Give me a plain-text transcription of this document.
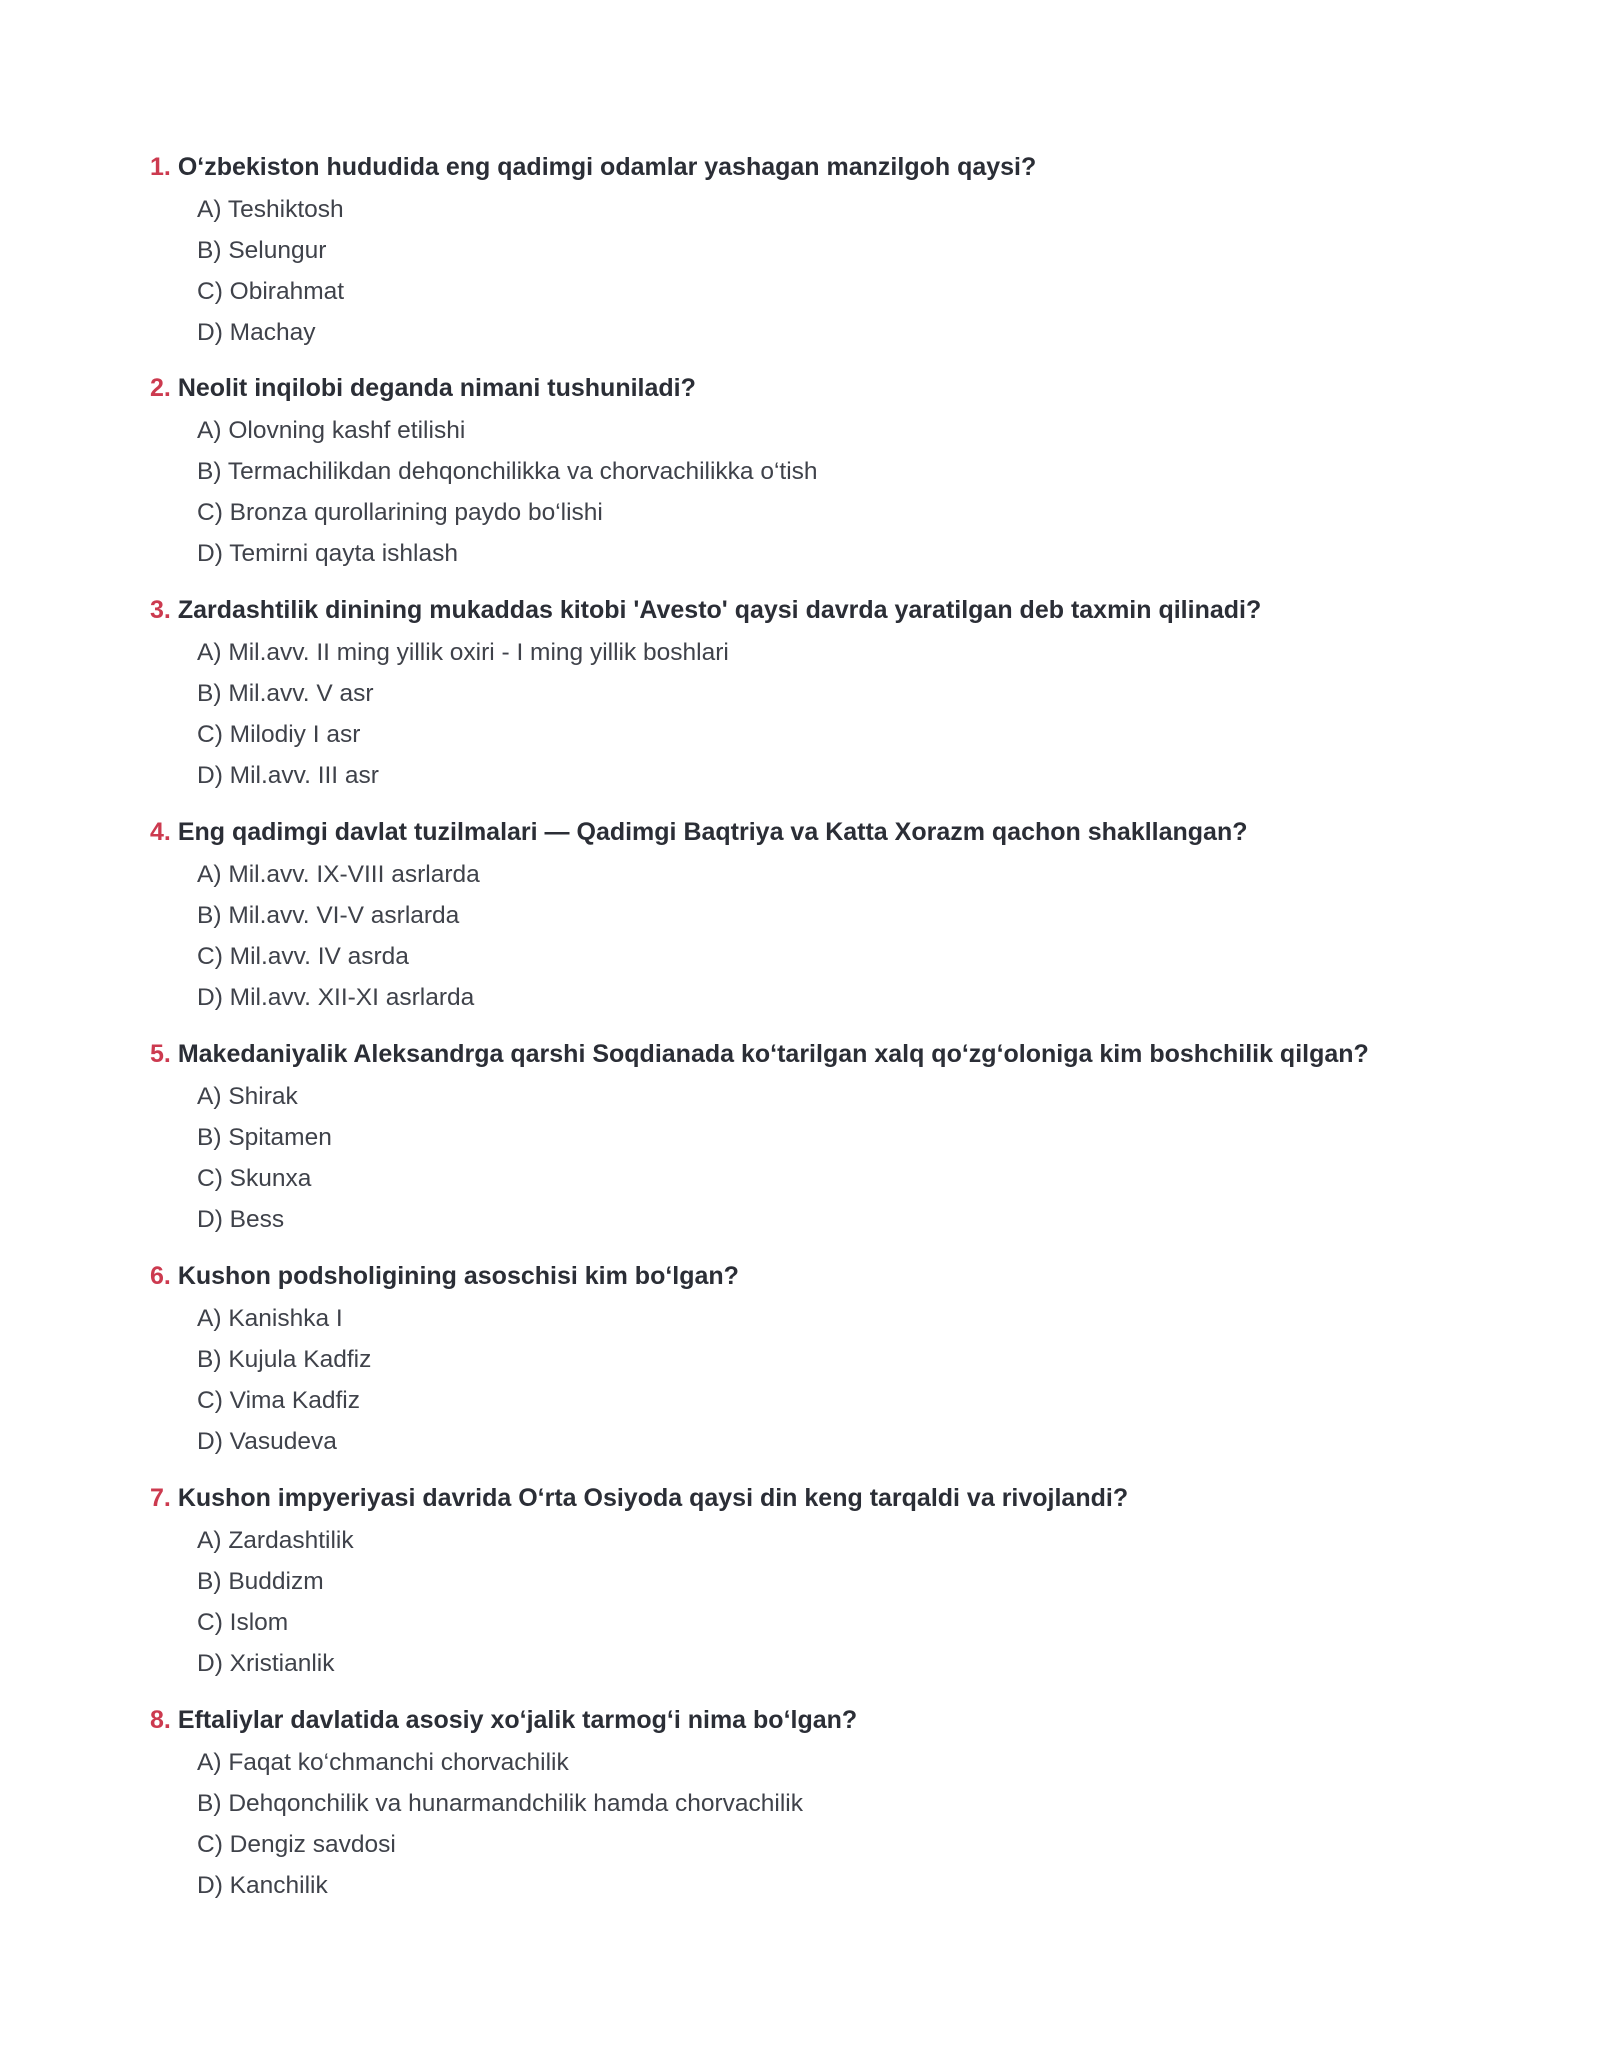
1. O‘zbekiston hududida eng qadimgi odamlar yashagan manzilgoh qaysi?
A) Teshiktosh
B) Selungur
C) Obirahmat
D) Machay
2. Neolit inqilobi deganda nimani tushuniladi?
A) Olovning kashf etilishi
B) Termachilikdan dehqonchilikka va chorvachilikka o‘tish
C) Bronza qurollarining paydo bo‘lishi
D) Temirni qayta ishlash
3. Zardashtilik dinining mukaddas kitobi 'Avesto' qaysi davrda yaratilgan deb taxmin qilinadi?
A) Mil.avv. II ming yillik oxiri - I ming yillik boshlari
B) Mil.avv. V asr
C) Milodiy I asr
D) Mil.avv. III asr
4. Eng qadimgi davlat tuzilmalari — Qadimgi Baqtriya va Katta Xorazm qachon shakllangan?
A) Mil.avv. IX-VIII asrlarda
B) Mil.avv. VI-V asrlarda
C) Mil.avv. IV asrda
D) Mil.avv. XII-XI asrlarda
5. Makedaniyalik Aleksandrga qarshi Soqdianada ko‘tarilgan xalq qo‘zg‘oloniga kim boshchilik qilgan?
A) Shirak
B) Spitamen
C) Skunxa
D) Bess
6. Kushon podsholigining asoschisi kim bo‘lgan?
A) Kanishka I
B) Kujula Kadfiz
C) Vima Kadfiz
D) Vasudeva
7. Kushon impyeriyasi davrida O‘rta Osiyoda qaysi din keng tarqaldi va rivojlandi?
A) Zardashtilik
B) Buddizm
C) Islom
D) Xristianlik
8. Eftaliylar davlatida asosiy xo‘jalik tarmog‘i nima bo‘lgan?
A) Faqat ko‘chmanchi chorvachilik
B) Dehqonchilik va hunarmandchilik hamda chorvachilik
C) Dengiz savdosi
D) Kanchilik
